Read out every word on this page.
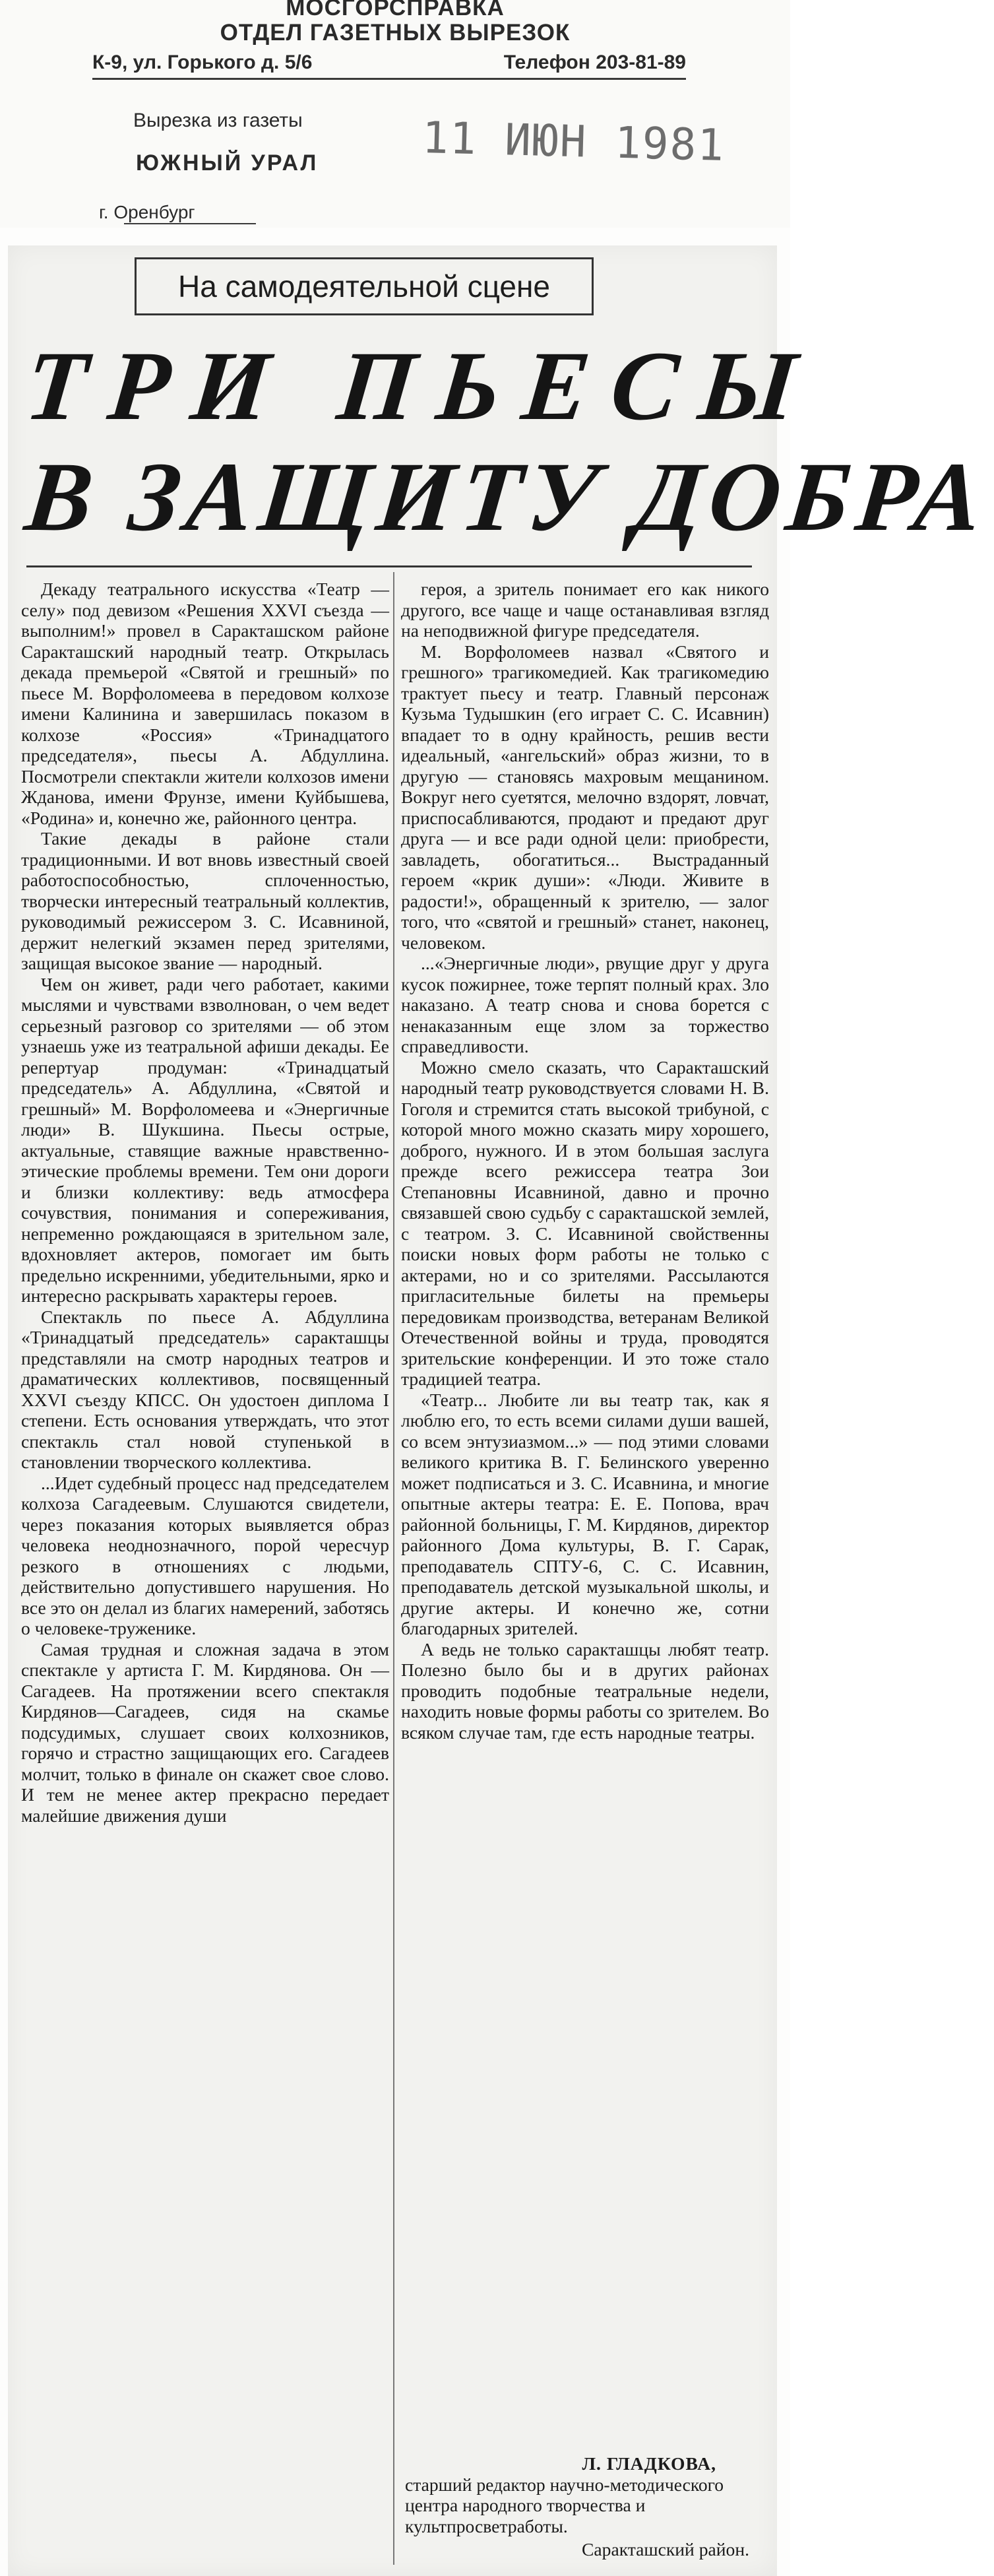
МОСГОРСПРАВКА
ОТДЕЛ ГАЗЕТНЫХ ВЫРЕЗОК
К-9, ул. Горького д. 5/6	Телефон 203-81-89
Вырезка из газеты
ЮЖНЫЙ УРАЛ 11 ИЮН 1981
г. Оренбург
На самодеятельной сцене
ТРИ ПЬЕСЫ
В ЗАЩИТУ ДОБРА

Декаду театрального искусства «Театр — селу» под девизом «Решения XXVI съезда — выполним!» провел в Саракташском районе Саракташский народный театр. Открылась декада премьерой «Святой и грешный» по пьесе М. Ворфоломеева в передовом колхозе имени Калинина и завершилась показом в колхозе «Россия» «Тринадцатого председателя», пьесы А. Абдуллина. Посмотрели спектакли жители колхозов имени Жданова, имени Фрунзе, имени Куйбышева, «Родина» и, конечно же, районного центра.

Такие декады в районе стали традиционными. И вот вновь известный своей работоспособностью, сплоченностью, творчески интересный театральный коллектив, руководимый режиссером З. С. Исавниной, держит нелегкий экзамен перед зрителями, защищая высокое звание — народный.

Чем он живет, ради чего работает, какими мыслями и чувствами взволнован, о чем ведет серьезный разговор со зрителями — об этом узнаешь уже из театральной афиши декады. Ее репертуар продуман: «Тринадцатый председатель» А. Абдуллина, «Святой и грешный» М. Ворфоломеева и «Энергичные люди» В. Шукшина. Пьесы острые, актуальные, ставящие важные нравственно-этические проблемы времени. Тем они дороги и близки коллективу: ведь атмосфера сочувствия, понимания и сопереживания, непременно рождающаяся в зрительном зале, вдохновляет актеров, помогает им быть предельно искренними, убедительными, ярко и интересно раскрывать характеры героев.

Спектакль по пьесе А. Абдуллина «Тринадцатый председатель» саракташцы представляли на смотр народных театров и драматических коллективов, посвященный XXVI съезду КПСС. Он удостоен диплома I степени. Есть основания утверждать, что этот спектакль стал новой ступенькой в становлении творческого коллектива.

...Идет судебный процесс над председателем колхоза Сагадеевым. Слушаются свидетели, через показания которых выявляется образ человека неоднозначного, порой чересчур резкого в отношениях с людьми, действительно допустившего нарушения. Но все это он делал из благих намерений, заботясь о человеке-труженике.

Самая трудная и сложная задача в этом спектакле у артиста Г. М. Кирдянова. Он — Сагадеев. На протяжении всего спектакля Кирдянов—Сагадеев, сидя на скамье подсудимых, слушает своих колхозников, горячо и страстно защищающих его. Сагадеев молчит, только в финале он скажет свое слово. И тем не менее актер прекрасно передает малейшие движения души

героя, а зритель понимает его как никого другого, все чаще и чаще останавливая взгляд на неподвижной фигуре председателя.

М. Ворфоломеев назвал «Святого и грешного» трагикомедией. Как трагикомедию трактует пьесу и театр. Главный персонаж Кузьма Тудышкин (его играет С. С. Исавнин) впадает то в одну крайность, решив вести идеальный, «ангельский» образ жизни, то в другую — становясь махровым мещанином. Вокруг него суетятся, мелочно вздорят, ловчат, приспосабливаются, продают и предают друг друга — и все ради одной цели: приобрести, завладеть, обогатиться... Выстраданный героем «крик души»: «Люди. Живите в радости!», обращенный к зрителю, — залог того, что «святой и грешный» станет, наконец, человеком.

...«Энергичные люди», рвущие друг у друга кусок пожирнее, тоже терпят полный крах. Зло наказано. А театр снова и снова борется с ненаказанным еще злом за торжество справедливости.

Можно смело сказать, что Саракташский народный театр руководствуется словами Н. В. Гоголя и стремится стать высокой трибуной, с которой много можно сказать миру хорошего, доброго, нужного. И в этом большая заслуга прежде всего режиссера театра Зои Степановны Исавниной, давно и прочно связавшей свою судьбу с саракташской землей, с театром. З. С. Исавниной свойственны поиски новых форм работы не только с актерами, но и со зрителями. Рассылаются пригласительные билеты на премьеры передовикам производства, ветеранам Великой Отечественной войны и труда, проводятся зрительские конференции. И это тоже стало традицией театра.

«Театр... Любите ли вы театр так, как я люблю его, то есть всеми силами души вашей, со всем энтузиазмом...» — под этими словами великого критика В. Г. Белинского уверенно может подписаться и З. С. Исавнина, и многие опытные актеры театра: Е. Е. Попова, врач районной больницы, Г. М. Кирдянов, директор районного Дома культуры, В. Г. Сарак, преподаватель СПТУ-6, С. С. Исавнин, преподаватель детской музыкальной школы, и другие актеры. И конечно же, сотни благодарных зрителей.

А ведь не только саракташцы любят театр. Полезно было бы и в других районах проводить подобные театральные недели, находить новые формы работы со зрителем. Во всяком случае там, где есть народные театры.

Л. ГЛАДКОВА,
старший редактор научно-методического центра народного творчества и культпросветработы.
Саракташский район.
